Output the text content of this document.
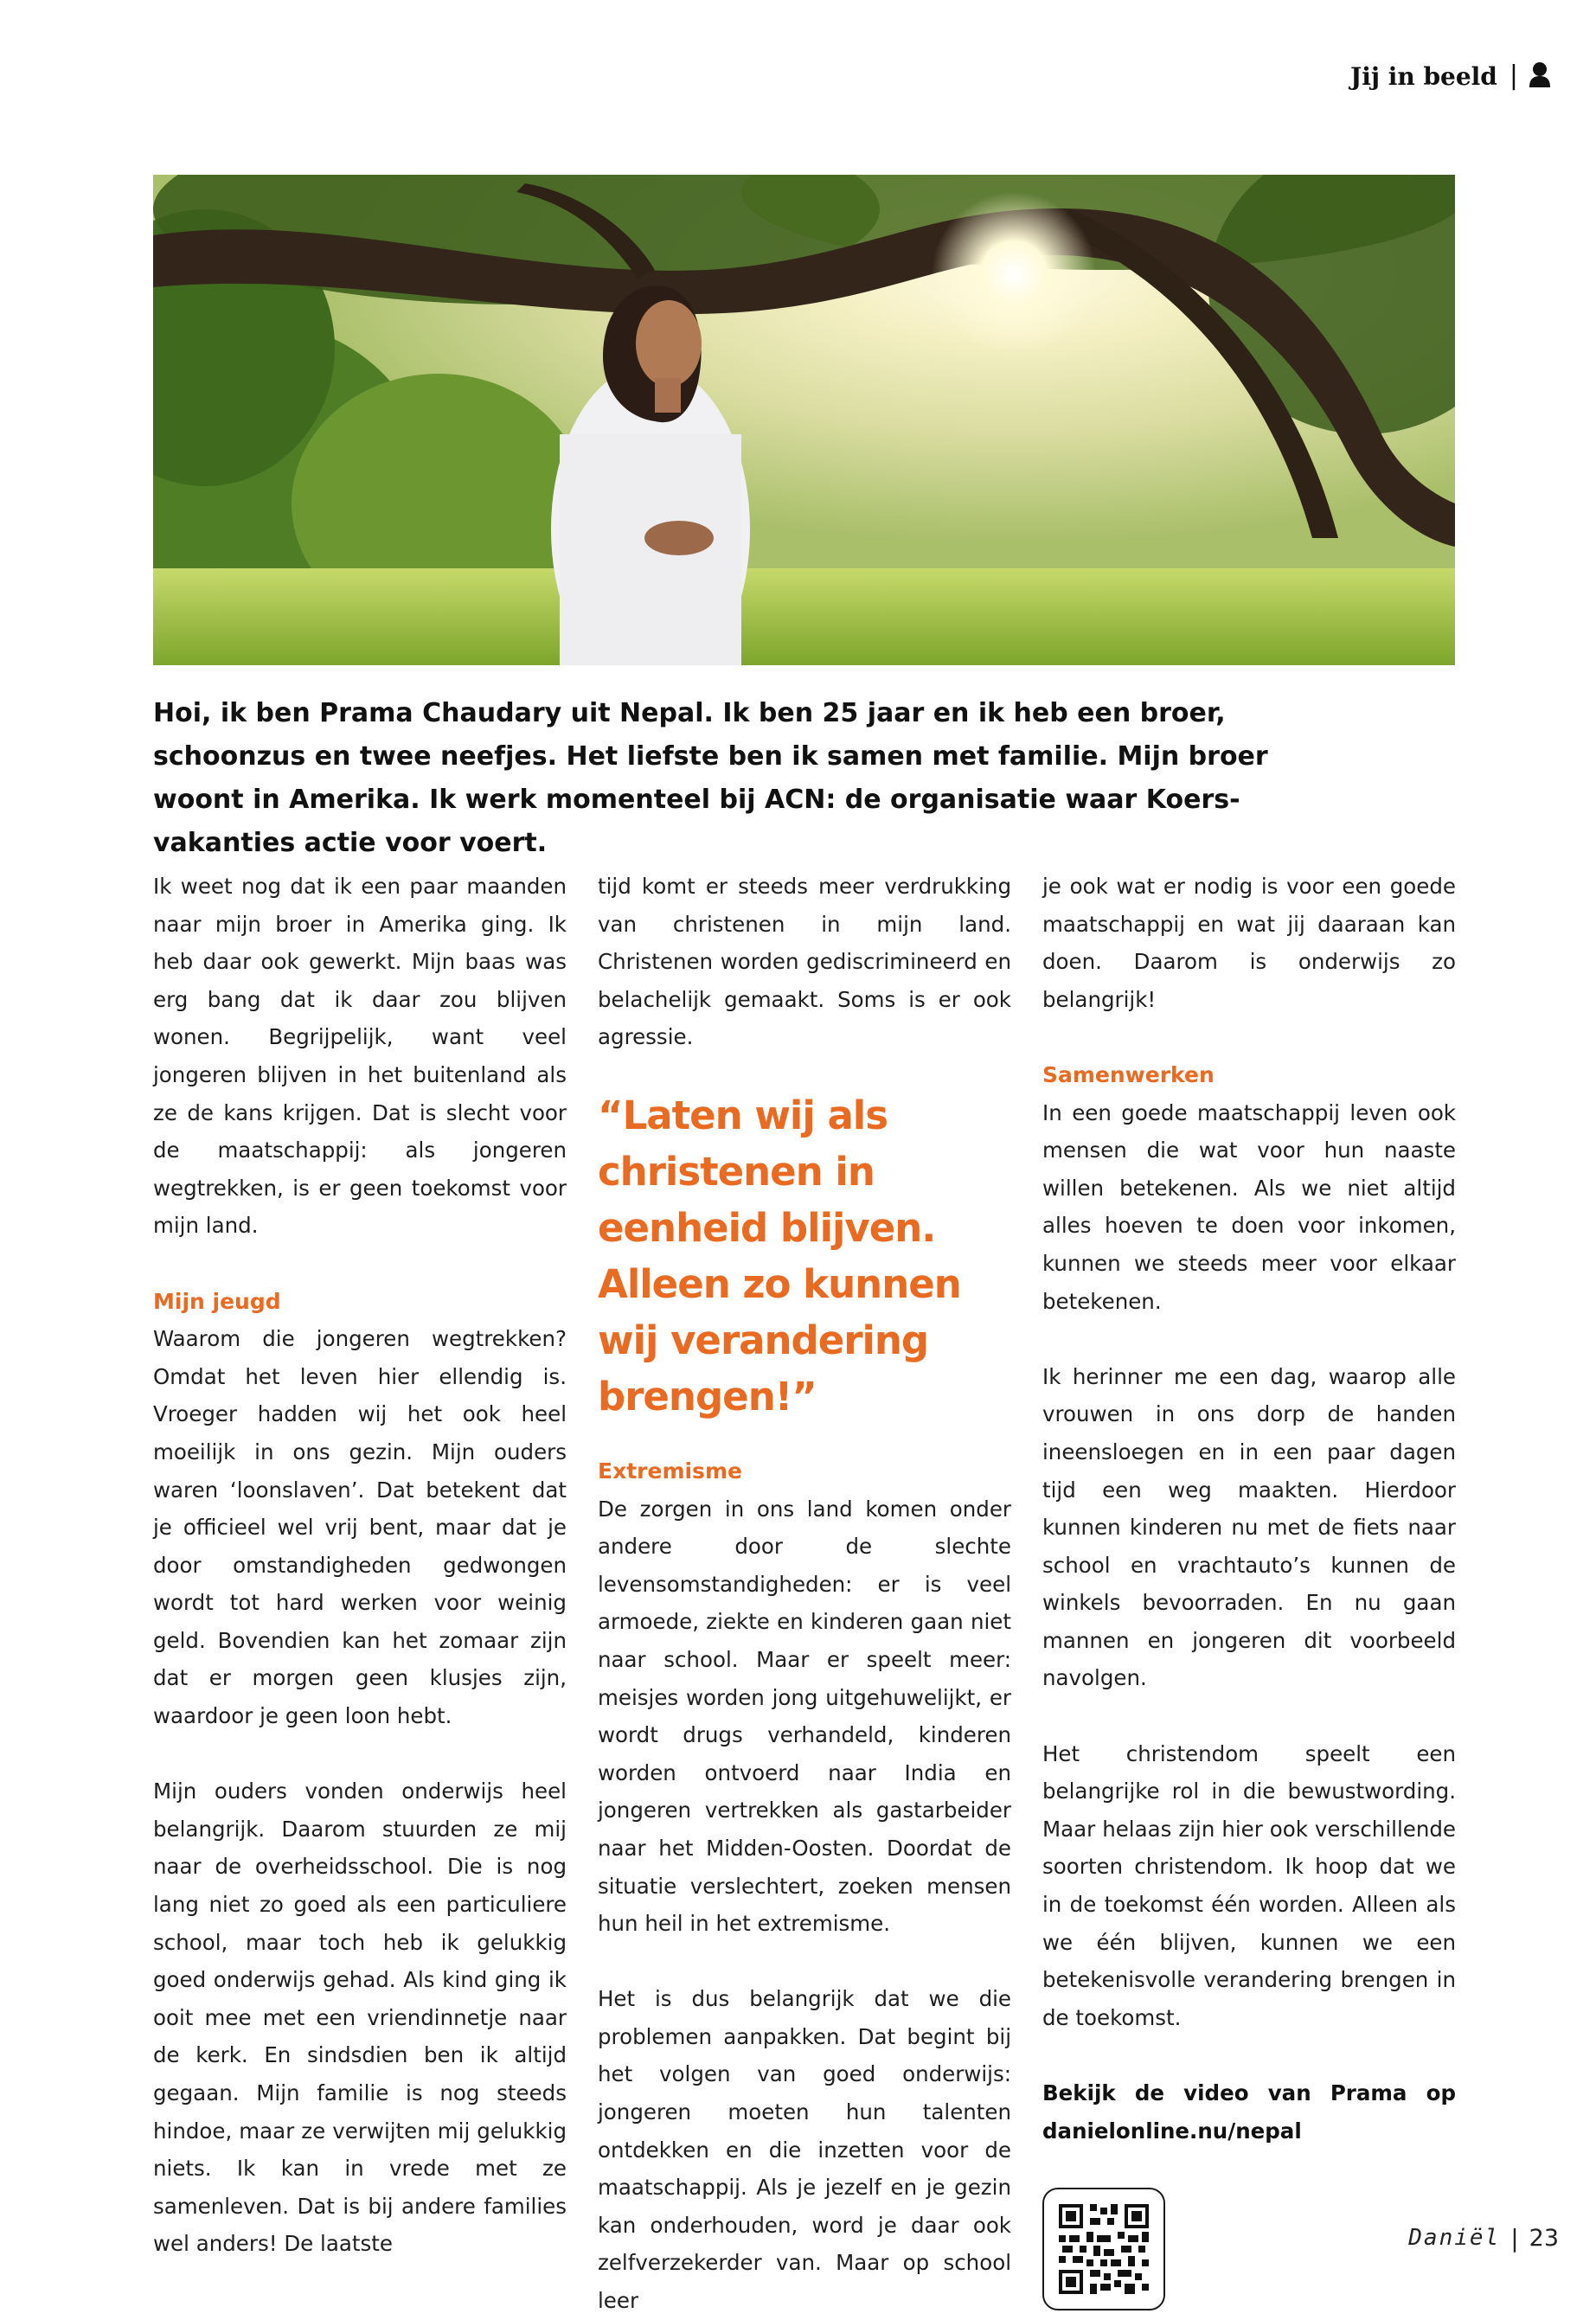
Jij in beeld |

Hoi, ik ben Prama Chaudary uit Nepal. Ik ben 25 jaar en ik heb een broer, schoonzus en twee neefjes. Het liefste ben ik samen met familie. Mijn broer woont in Amerika. Ik werk momenteel bij ACN: de organisatie waar Koers-vakanties actie voor voert.

Ik weet nog dat ik een paar maanden naar mijn broer in Amerika ging. Ik heb daar ook gewerkt. Mijn baas was erg bang dat ik daar zou blijven wonen. Begrijpelijk, want veel jongeren blijven in het buitenland als ze de kans krijgen. Dat is slecht voor de maatschappij: als jongeren wegtrekken, is er geen toekomst voor mijn land.

Mijn jeugd

Waarom die jongeren wegtrekken? Omdat het leven hier ellendig is. Vroeger hadden wij het ook heel moeilijk in ons gezin. Mijn ouders waren ‘loonslaven’. Dat betekent dat je officieel wel vrij bent, maar dat je door omstandigheden gedwongen wordt tot hard werken voor weinig geld. Bovendien kan het zomaar zijn dat er morgen geen klusjes zijn, waardoor je geen loon hebt.

Mijn ouders vonden onderwijs heel belangrijk. Daarom stuurden ze mij naar de overheidsschool. Die is nog lang niet zo goed als een particuliere school, maar toch heb ik gelukkig goed onderwijs gehad. Als kind ging ik ooit mee met een vriendinnetje naar de kerk. En sindsdien ben ik altijd gegaan. Mijn familie is nog steeds hindoe, maar ze verwijten mij gelukkig niets. Ik kan in vrede met ze samenleven. Dat is bij andere families wel anders! De laatste

tijd komt er steeds meer verdrukking van christenen in mijn land. Christenen worden gediscrimineerd en belachelijk gemaakt. Soms is er ook agressie.

“Laten wij als christenen in eenheid blijven. Alleen zo kunnen wij verandering brengen!”
Extremisme

De zorgen in ons land komen onder andere door de slechte levensomstandigheden: er is veel armoede, ziekte en kinderen gaan niet naar school. Maar er speelt meer: meisjes worden jong uitgehuwelijkt, er wordt drugs verhandeld, kinderen worden ontvoerd naar India en jongeren vertrekken als gastarbeider naar het Midden-Oosten. Doordat de situatie verslechtert, zoeken mensen hun heil in het extremisme.

Het is dus belangrijk dat we die problemen aanpakken. Dat begint bij het volgen van goed onderwijs: jongeren moeten hun talenten ontdekken en die inzetten voor de maatschappij. Als je jezelf en je gezin kan onderhouden, word je daar ook zelfverzekerder van. Maar op school leer

je ook wat er nodig is voor een goede maatschappij en wat jij daaraan kan doen. Daarom is onderwijs zo belangrijk!

Samenwerken

In een goede maatschappij leven ook mensen die wat voor hun naaste willen betekenen. Als we niet altijd alles hoeven te doen voor inkomen, kunnen we steeds meer voor elkaar betekenen.

Ik herinner me een dag, waarop alle vrouwen in ons dorp de handen ineensloegen en in een paar dagen tijd een weg maakten. Hierdoor kunnen kinderen nu met de fiets naar school en vrachtauto’s kunnen de winkels bevoorraden. En nu gaan mannen en jongeren dit voorbeeld navolgen.

Het christendom speelt een belangrijke rol in die bewustwording. Maar helaas zijn hier ook verschillende soorten christendom. Ik hoop dat we in de toekomst één worden. Alleen als we één blijven, kunnen we een betekenisvolle verandering brengen in de toekomst.

Bekijk de video van Prama op danielonline.nu/nepal

Daniël | 23
